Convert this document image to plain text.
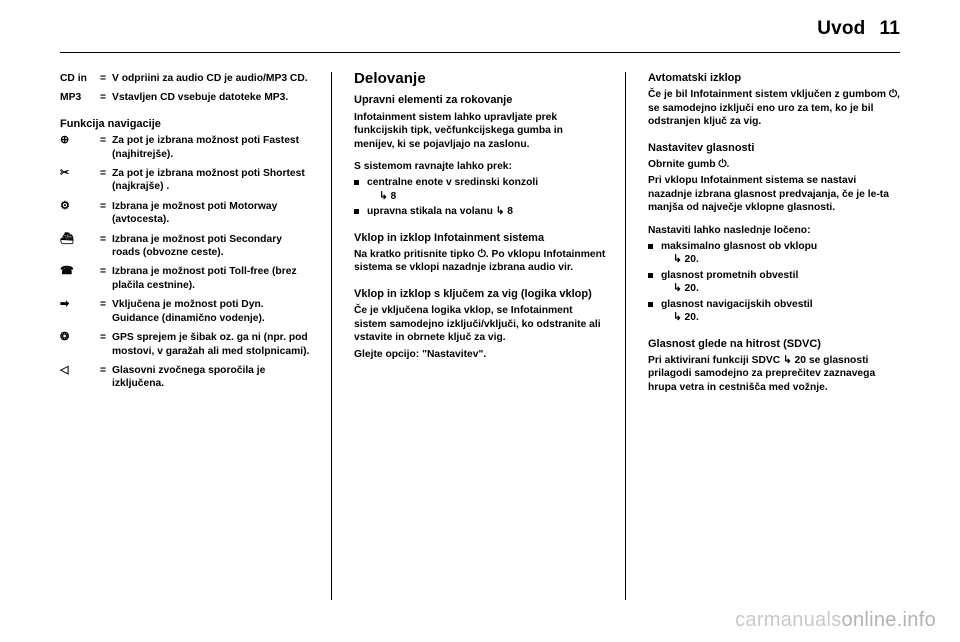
Uvod 11
CD in	= V odpriini za audio CD je audio/MP3 CD.
MP3	= Vstavljen CD vsebuje datoteke MP3.
Funkcija navigacije
⊕	= Za pot je izbrana možnost poti Fastest (najhitrejše).
✂	= Za pot je izbrana možnost poti Shortest (najkrajše) .
⚙	= Izbrana je možnost poti Motorway (avtocesta).
⛴	= Izbrana je možnost poti Secondary roads (obvozne ceste).
☎	= Izbrana je možnost poti Toll-free (brez plačila cestnine).
➡	= Vključena je možnost poti Dyn. Guidance (dinamično vodenje).
❂	= GPS sprejem je šibak oz. ga ni (npr. pod mostovi, v garažah ali med stolpnicami).
◁	= Glasovni zvočnega sporočila je izključena.
Delovanje
Upravni elementi za rokovanje

Infotainment sistem lahko upravljate prek funkcijskih tipk, večfunkcijskega gumba in menijev, ki se pojavljajo na zaslonu.

S sistemom ravnajte lahko prek:

centralne enote v sredinski konzoli
↳ 8
upravna stikala na volanu ↳ 8
Vklop in izklop Infotainment sistema

Na kratko pritisnite tipko ⏻. Po vklopu Infotainment sistema se vklopi nazadnje izbrana audio vir.

Vklop in izklop s ključem za vig (logika vklop)

Če je vključena logika vklop, se Infotainment sistem samodejno izključi/vključi, ko odstranite ali vstavite in obrnete ključ za vig.

Glejte opcijo: "Nastavitev".

Avtomatski izklop

Če je bil Infotainment sistem vključen z gumbom ⏻, se samodejno izključi eno uro za tem, ko je bil odstranjen ključ za vig.

Nastavitev glasnosti

Obrnite gumb ⏻.

Pri vklopu Infotainment sistema se nastavi nazadnje izbrana glasnost predvajanja, če je le-ta manjša od največje vklopne glasnosti.

Nastaviti lahko naslednje ločeno:

maksimalno glasnost ob vklopu
↳ 20.
glasnost prometnih obvestil
↳ 20.
glasnost navigacijskih obvestil
↳ 20.
Glasnost glede na hitrost (SDVC)

Pri aktivirani funkciji SDVC ↳ 20 se glasnosti prilagodi samodejno za preprečitev zaznavega hrupa vetra in cestnišča med vožnje.

carmanualsonline.info
